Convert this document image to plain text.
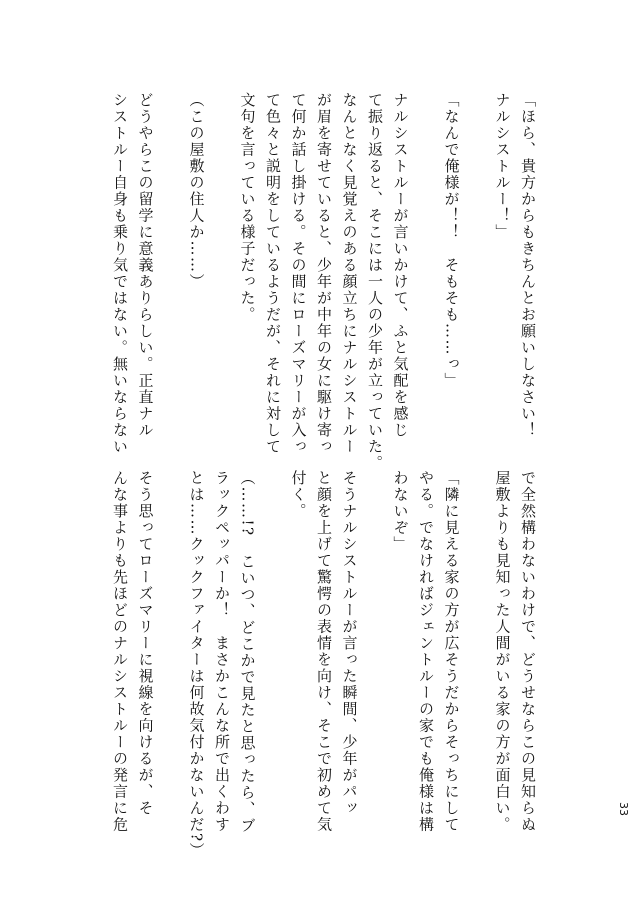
「ほら、貴方からもきちんとお願いしなさい！
ナルシストルー！」

「なんで俺様が！！　そもそも……っ」

ナルシストルーが言いかけて、ふと気配を感じ
て振り返ると、そこには一人の少年が立っていた。
なんとなく見覚えのある顔立ちにナルシストルー
が眉を寄せていると、少年が中年の女に駆け寄っ
て何か話し掛ける。その間にローズマリーが入っ
て色々と説明をしているようだが、それに対して
文句を言っている様子だった。

（この屋敷の住人か……）

どうやらこの留学に意義ありらしい。正直ナル
シストルー自身も乗り気ではない。無いならない
で全然構わないわけで、どうせならこの見知らぬ
屋敷よりも見知った人間がいる家の方が面白い。

「隣に見える家の方が広そうだからそっちにして
やる。でなければジェントルーの家でも俺様は構
わないぞ」

そうナルシストルーが言った瞬間、少年がパッ
と顔を上げて驚愕の表情を向け、そこで初めて気
付く。

（……!?　こいつ、どこかで見たと思ったら、ブ
ラックペッパーか！　まさかこんな所で出くわす
とは……クックファイターは何故気付かないんだ?）

そう思ってローズマリーに視線を向けるが、そ
んな事よりも先ほどのナルシストルーの発言に危	33
